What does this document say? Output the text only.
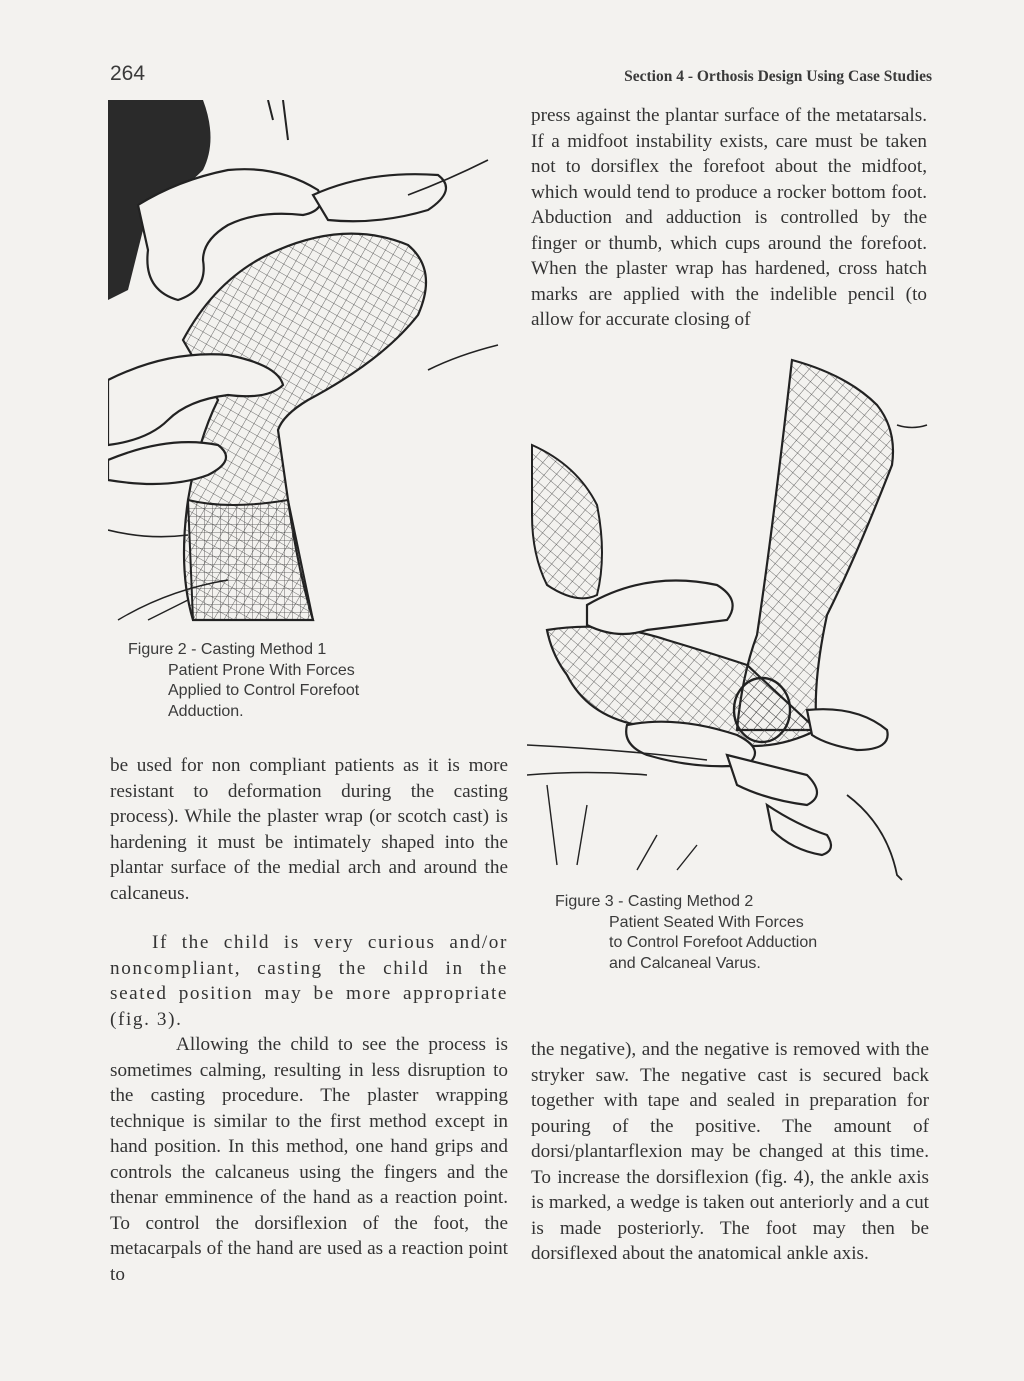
264	Section 4 - Orthosis Design Using Case Studies
Figure 2 - Casting Method 1
Patient Prone With Forces
Applied to Control Forefoot
Adduction.

press against the plantar surface of the metatarsals. If a midfoot instability exists, care must be taken not to dorsiflex the forefoot about the midfoot, which would tend to produce a rocker bottom foot. Abduction and adduction is controlled by the finger or thumb, which cups around the forefoot. When the plaster wrap has hardened, cross hatch marks are applied with the indelible pencil (to allow for accurate closing of

Figure 3 - Casting Method 2
Patient Seated With Forces
to Control Forefoot Adduction
and Calcaneal Varus.

be used for non compliant patients as it is more resistant to deformation during the casting process). While the plaster wrap (or scotch cast) is hardening it must be intimately shaped into the plantar surface of the medial arch and around the calcaneus.

If the child is very curious and/or noncompliant, casting the child in the seated position may be more appropriate (fig. 3).

Allowing the child to see the process is sometimes calming, resulting in less disruption to the casting procedure. The plaster wrapping technique is similar to the first method except in hand position. In this method, one hand grips and controls the calcaneus using the fingers and the thenar emminence of the hand as a reaction point. To control the dorsiflexion of the foot, the metacarpals of the hand are used as a reaction point to

the negative), and the negative is removed with the stryker saw. The negative cast is secured back together with tape and sealed in preparation for pouring of the positive. The amount of dorsi/plantarflexion may be changed at this time. To increase the dorsiflexion (fig. 4), the ankle axis is marked, a wedge is taken out anteriorly and a cut is made posteriorly. The foot may then be dorsiflexed about the anatomical ankle axis.
